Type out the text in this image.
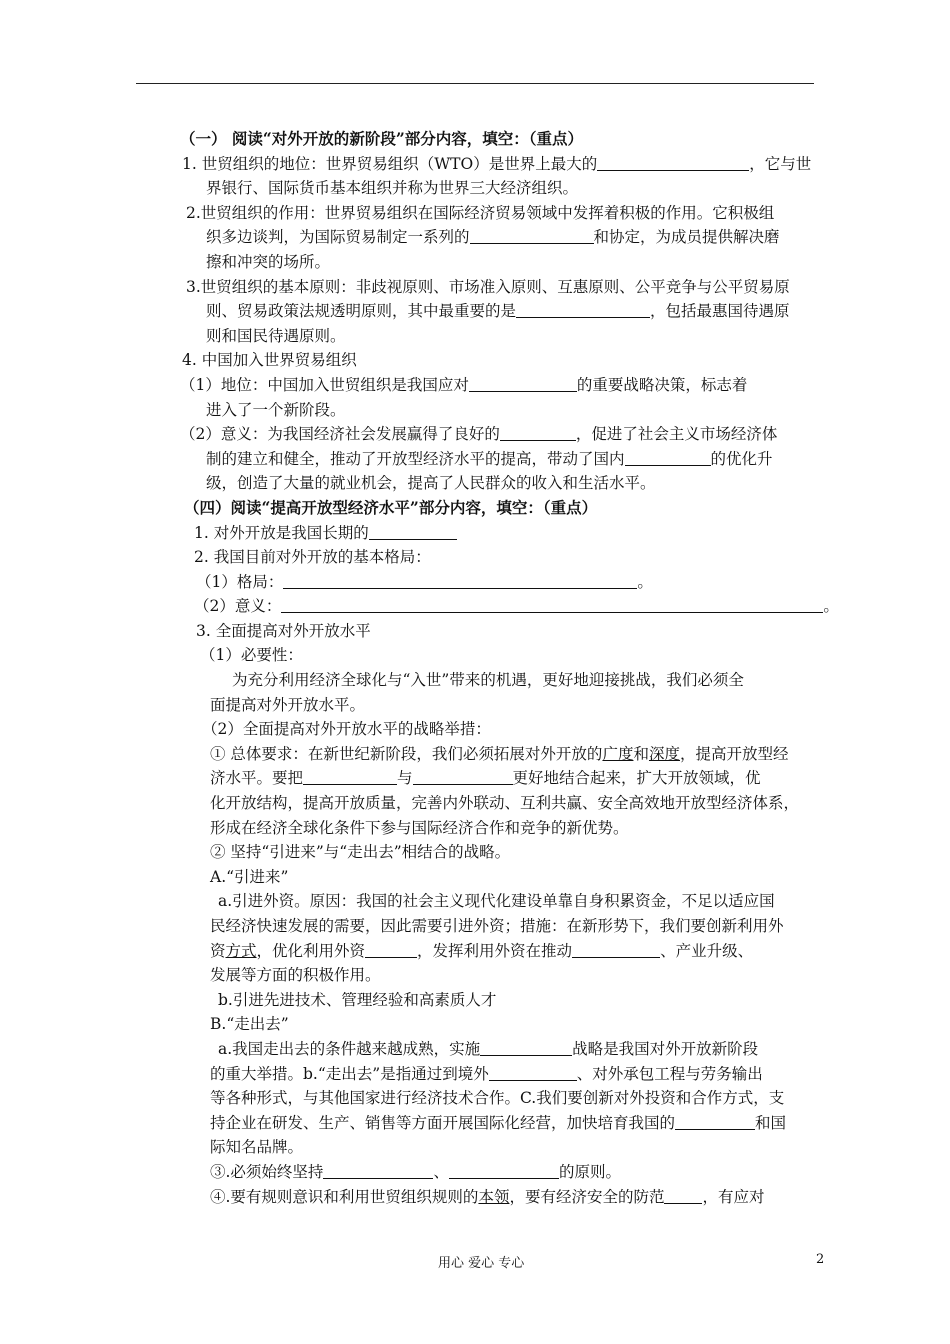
（一） 阅读“对外开放的新阶段”部分内容，填空：（重点）
1. 世贸组织的地位：世界贸易组织（WTO）是世界上最大的	，它与世
界银行、国际货币基本组织并称为世界三大经济组织。
2.世贸组织的作用：世界贸易组织在国际经济贸易领域中发挥着积极的作用。它积极组
织多边谈判，为国际贸易制定一系列的	和协定，为成员提供解决磨
擦和冲突的场所。
3.世贸组织的基本原则：非歧视原则、市场准入原则、互惠原则、公平竞争与公平贸易原
则、贸易政策法规透明原则，其中最重要的是	，包括最惠国待遇原
则和国民待遇原则。
4. 中国加入世界贸易组织
（1）地位：中国加入世贸组织是我国应对	的重要战略决策，标志着
进入了一个新阶段。
（2）意义：为我国经济社会发展赢得了良好的	，促进了社会主义市场经济体
制的建立和健全，推动了开放型经济水平的提高，带动了国内	的优化升
级，创造了大量的就业机会，提高了人民群众的收入和生活水平。
（四）阅读“提高开放型经济水平”部分内容，填空：（重点）
1. 对外开放是我国长期的
2. 我国目前对外开放的基本格局：
（1）格局：	。
（2）意义：	。
3. 全面提高对外开放水平
（1）必要性：
为充分利用经济全球化与“入世”带来的机遇，更好地迎接挑战，我们必须全
面提高对外开放水平。
（2）全面提高对外开放水平的战略举措：
① 总体要求：在新世纪新阶段，我们必须拓展对外开放的广度和深度，提高开放型经
济水平。要把	与	更好地结合起来，扩大开放领域，优
化开放结构，提高开放质量，完善内外联动、互利共赢、安全高效地开放型经济体系，
形成在经济全球化条件下参与国际经济合作和竞争的新优势。
② 坚持“引进来”与“走出去”相结合的战略。
A.“引进来”
a.引进外资。原因：我国的社会主义现代化建设单靠自身积累资金，不足以适应国
民经济快速发展的需要，因此需要引进外资；措施：在新形势下，我们要创新利用外
资方式，优化利用外资	，发挥利用外资在推动	、产业升级、
发展等方面的积极作用。
b.引进先进技术、管理经验和高素质人才
B.“走出去”
a.我国走出去的条件越来越成熟，实施	战略是我国对外开放新阶段
的重大举措。b.“走出去”是指通过到境外	、对外承包工程与劳务输出
等各种形式，与其他国家进行经济技术合作。C.我们要创新对外投资和合作方式，支
持企业在研发、生产、销售等方面开展国际化经营，加快培育我国的	和国
际知名品牌。
③.必须始终坚持	、	的原则。
④.要有规则意识和利用世贸组织规则的本领，要有经济安全的防范 ，有应对
用心 爱心 专心	2
